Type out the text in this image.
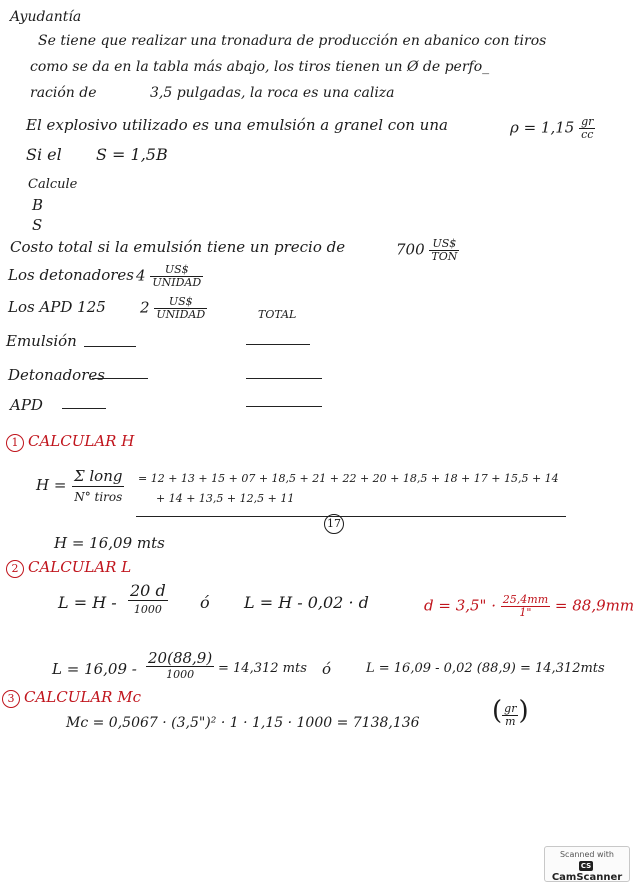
Ayudantía
Se tiene que realizar una tronadura de producción en abanico con tiros
como se da en la tabla más abajo, los tiros tienen un Ø de perfo_
ración de	3,5 pulgadas, la roca es una caliza
El explosivo utilizado es una emulsión a granel con una	$\rho = 1,15 \frac{gr}{cc}$
Si el S = 1,5B
Calcule
B
S
Costo total si la emulsión tiene un precio de	$700 \frac{US\$}{\text{TON}}$
Los detonadores $4 \frac{US\$}{\text{UNIDAD}}$
Los APD 125 $2 \frac{US\$}{\text{UNIDAD}}$	TOTAL
Emulsión
Detonadores
APD
1 CALCULAR H
$H = \frac{\text{Σ long}}{\text{N° tiros}} = 12 + 13 + 15 + 07 + 18,5 + 21 + 22 + 20 + 18,5 + 18 + 17 + 15,5 + 14$
+ 14 + 13,5 + 12,5 + 11
17
H = 16,09 mts
2 CALCULAR L
$L = H - \frac{20 d}{1000}$ ó L = H - 0,02 · d	d = 3,5" · $\frac{25,4mm}{1"} = 88,9mm$
$L = 16,09 - \frac{20(88,9)}{1000} = 14,312$ mts ó	L = 16,09 - 0,02 (88,9) = 14,312mts
3 CALCULAR Mc
Mc = 0,5067 · (3,5")² · 1 · 1,15 · 1000 = 7138,136	( $\frac{gr}{m}$ )
Scanned with
CSCamScanner
